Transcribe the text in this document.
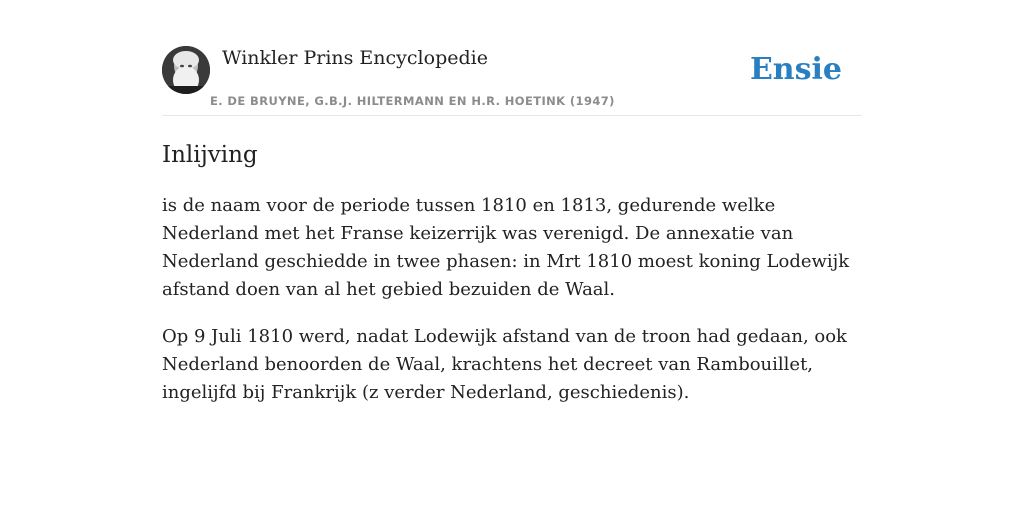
Winkler Prins Encyclopedie
E. DE BRUYNE, G.B.J. HILTERMANN EN H.R. HOETINK (1947)
Ensie
Inlijving

is de naam voor de periode tussen 1810 en 1813, gedurende welke Nederland met het Franse keizerrijk was verenigd. De annexatie van Nederland geschiedde in twee phasen: in Mrt 1810 moest koning Lodewijk afstand doen van al het gebied bezuiden de Waal.

Op 9 Juli 1810 werd, nadat Lodewijk afstand van de troon had gedaan, ook Nederland benoorden de Waal, krachtens het decreet van Rambouillet, ingelijfd bij Frankrijk (z verder Nederland, geschiedenis).
